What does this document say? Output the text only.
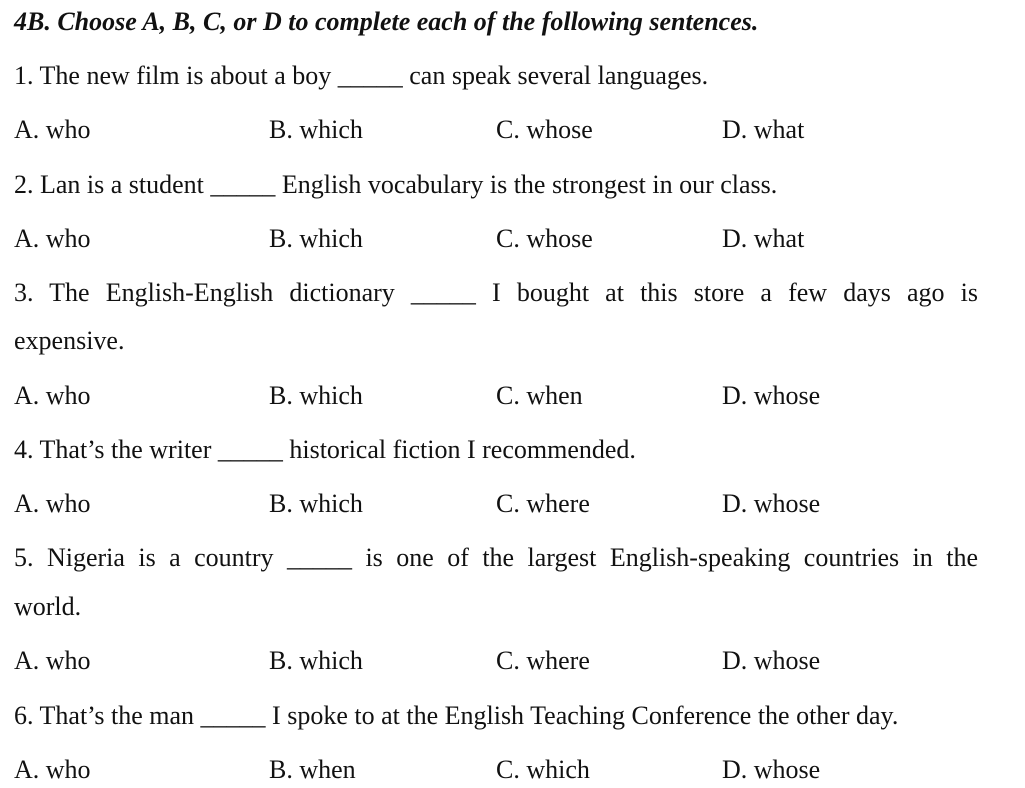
4B. Choose A, B, C, or D to complete each of the following sentences.
1. The new film is about a boy _____ can speak several languages.
A. who	B. which	C. whose	D. what
2. Lan is a student _____ English vocabulary is the strongest in our class.
A. who	B. which	C. whose	D. what
3. The English-English dictionary _____ I bought at this store a few days ago is
expensive.
A. who	B. which	C. when	D. whose
4. That’s the writer _____ historical fiction I recommended.
A. who	B. which	C. where	D. whose
5. Nigeria is a country _____ is one of the largest English-speaking countries in the
world.
A. who	B. which	C. where	D. whose
6. That’s the man _____ I spoke to at the English Teaching Conference the other day.
A. who	B. when	C. which	D. whose
